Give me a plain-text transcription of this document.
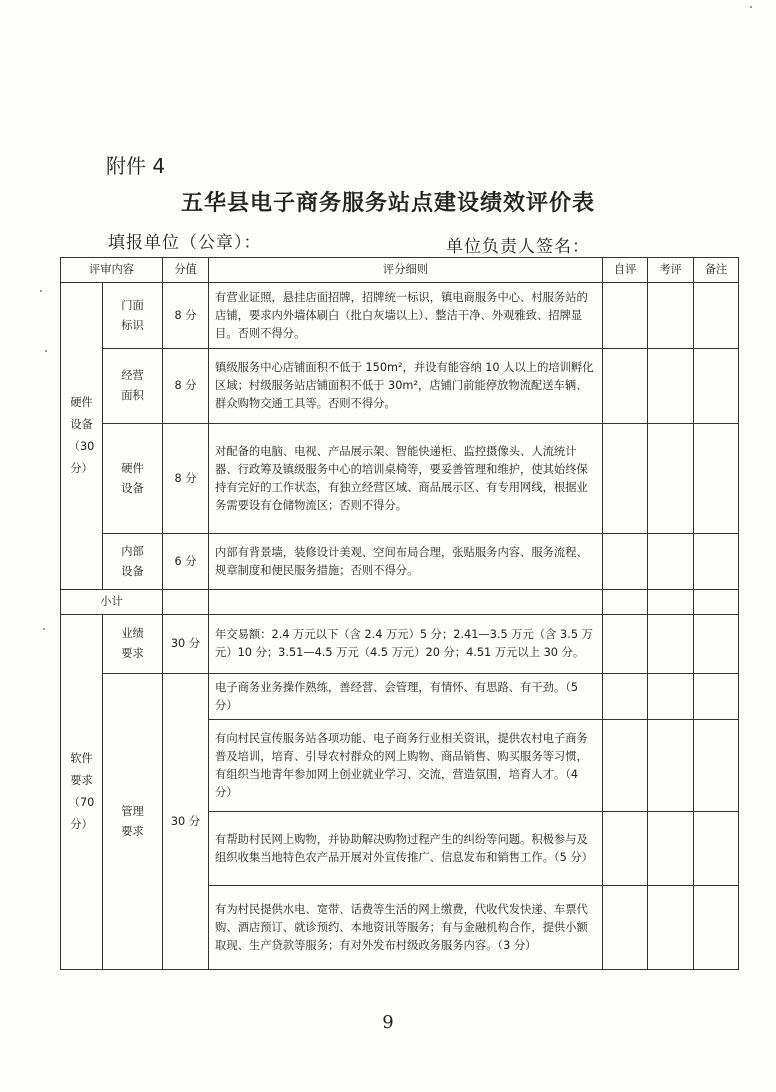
附件 4
五华县电子商务服务站点建设绩效评价表
填报单位（公章）：	单位负责人签名：
评审内容		分值	评分细则	自评	考评	备注
硬件设备（30分）	门面标识	8 分	有营业证照，悬挂店面招牌，招牌统一标识，镇电商服务中心、村服务站的店铺，要求内外墙体刷白（批白灰墙以上）、整洁干净、外观雅致、招牌显目。否则不得分。			
	经营面积	8 分	镇级服务中心店铺面积不低于 150m²，并设有能容纳 10 人以上的培训孵化区域；村级服务站店铺面积不低于 30m²，店铺门前能停放物流配送车辆、群众购物交通工具等。否则不得分。			
	硬件设备	8 分	对配备的电脑、电视、产品展示架、智能快递柜、监控摄像头、人流统计器、行政筹及镇级服务中心的培训桌椅等，要妥善管理和维护，使其始终保持有完好的工作状态，有独立经营区域、商品展示区、有专用网线，根据业务需要设有仓储物流区；否则不得分。			
	内部设备	6 分	内部有背景墙，装修设计美观、空间布局合理，张贴服务内容、服务流程、规章制度和便民服务措施；否则不得分。			
小计						
软件要求（70分）	业绩要求	30 分	年交易额：2.4 万元以下（含 2.4 万元）5 分；2.41—3.5 万元（含 3.5 万元）10 分；3.51—4.5 万元（4.5 万元）20 分；4.51 万元以上 30 分。			
	管理要求	30 分	电子商务业务操作熟练，善经营、会管理，有情怀、有思路、有干劲。（5 分）			
			有向村民宣传服务站各项功能、电子商务行业相关资讯，提供农村电子商务普及培训，培育、引导农村群众的网上购物、商品销售、购买服务等习惯，有组织当地青年参加网上创业就业学习、交流，营造氛围，培育人才。（4 分）			
			有帮助村民网上购物，并协助解决购物过程产生的纠纷等问题。积极参与及组织收集当地特色农产品开展对外宣传推广、信息发布和销售工作。（5 分）			
			有为村民提供水电、宽带、话费等生活的网上缴费，代收代发快递、车票代购、酒店预订、就诊预约、本地资讯等服务；有与金融机构合作，提供小额取现、生产贷款等服务；有对外发布村级政务服务内容。（3 分）			
9
